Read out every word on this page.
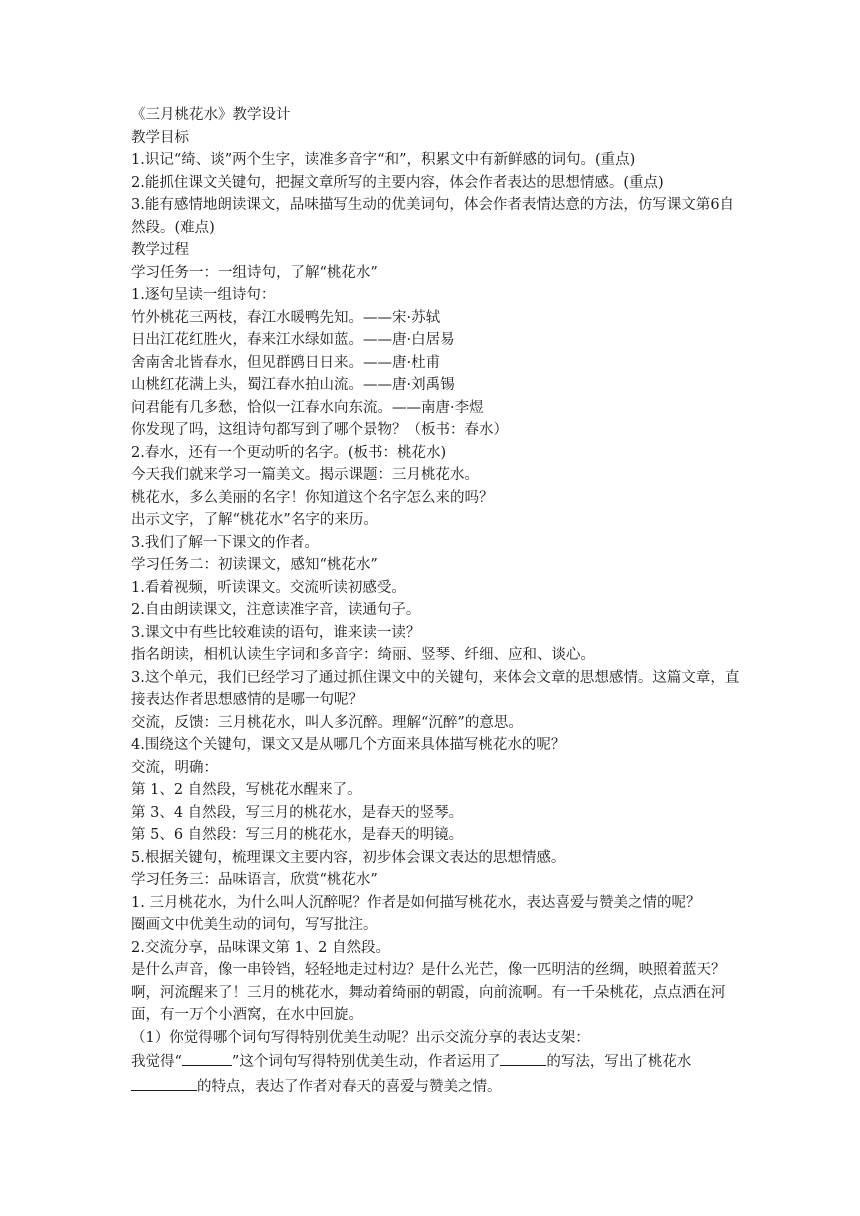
《三月桃花水》教学设计
教学目标
1.识记“绮、谈”两个生字，读准多音字“和”，积累文中有新鲜感的词句。(重点)
2.能抓住课文关键句，把握文章所写的主要内容，体会作者表达的思想情感。(重点)
3.能有感情地朗读课文，品味描写生动的优美词句，体会作者表情达意的方法，仿写课文第6自然段。(难点)
教学过程
学习任务一：一组诗句，了解“桃花水”
1.逐句呈读一组诗句：
竹外桃花三两枝，春江水暖鸭先知。——宋·苏轼
日出江花红胜火，春来江水绿如蓝。——唐·白居易
舍南舍北皆春水，但见群鸥日日来。——唐·杜甫
山桃红花满上头，蜀江春水拍山流。——唐·刘禹锡
问君能有几多愁，恰似一江春水向东流。——南唐·李煜
你发现了吗，这组诗句都写到了哪个景物？（板书：春水）
2.春水，还有一个更动听的名字。(板书：桃花水)
今天我们就来学习一篇美文。揭示课题：三月桃花水。
桃花水，多么美丽的名字！你知道这个名字怎么来的吗？
出示文字，了解“桃花水”名字的来历。
3.我们了解一下课文的作者。
学习任务二：初读课文，感知“桃花水”
1.看着视频，听读课文。交流听读初感受。
2.自由朗读课文，注意读准字音，读通句子。
3.课文中有些比较难读的语句，谁来读一读？
指名朗读，相机认读生字词和多音字：绮丽、竖琴、纤细、应和、谈心。
3.这个单元，我们已经学习了通过抓住课文中的关键句，来体会文章的思想感情。这篇文章，直接表达作者思想感情的是哪一句呢？
交流，反馈：三月桃花水，叫人多沉醉。理解“沉醉”的意思。
4.围绕这个关键句，课文又是从哪几个方面来具体描写桃花水的呢？
交流，明确：
第 1、2 自然段，写桃花水醒来了。
第 3、4 自然段，写三月的桃花水，是春天的竖琴。
第 5、6 自然段：写三月的桃花水，是春天的明镜。
5.根据关键句，梳理课文主要内容，初步体会课文表达的思想情感。
学习任务三：品味语言，欣赏“桃花水”
1. 三月桃花水，为什么叫人沉醉呢？作者是如何描写桃花水，表达喜爱与赞美之情的呢？
圈画文中优美生动的词句，写写批注。
2.交流分享，品味课文第 1、2 自然段。
是什么声音，像一串铃铛，轻轻地走过村边？是什么光芒，像一匹明洁的丝绸，映照着蓝天？啊，河流醒来了！三月的桃花水，舞动着绮丽的朝霞，向前流啊。有一千朵桃花，点点洒在河面，有一万个小酒窝，在水中回旋。
（1）你觉得哪个词句写得特别优美生动呢？出示交流分享的表达支架：
我觉得“	”这个词句写得特别优美生动，作者运用了	的写法，写出了桃花水的特点，表达了作者对春天的喜爱与赞美之情。
